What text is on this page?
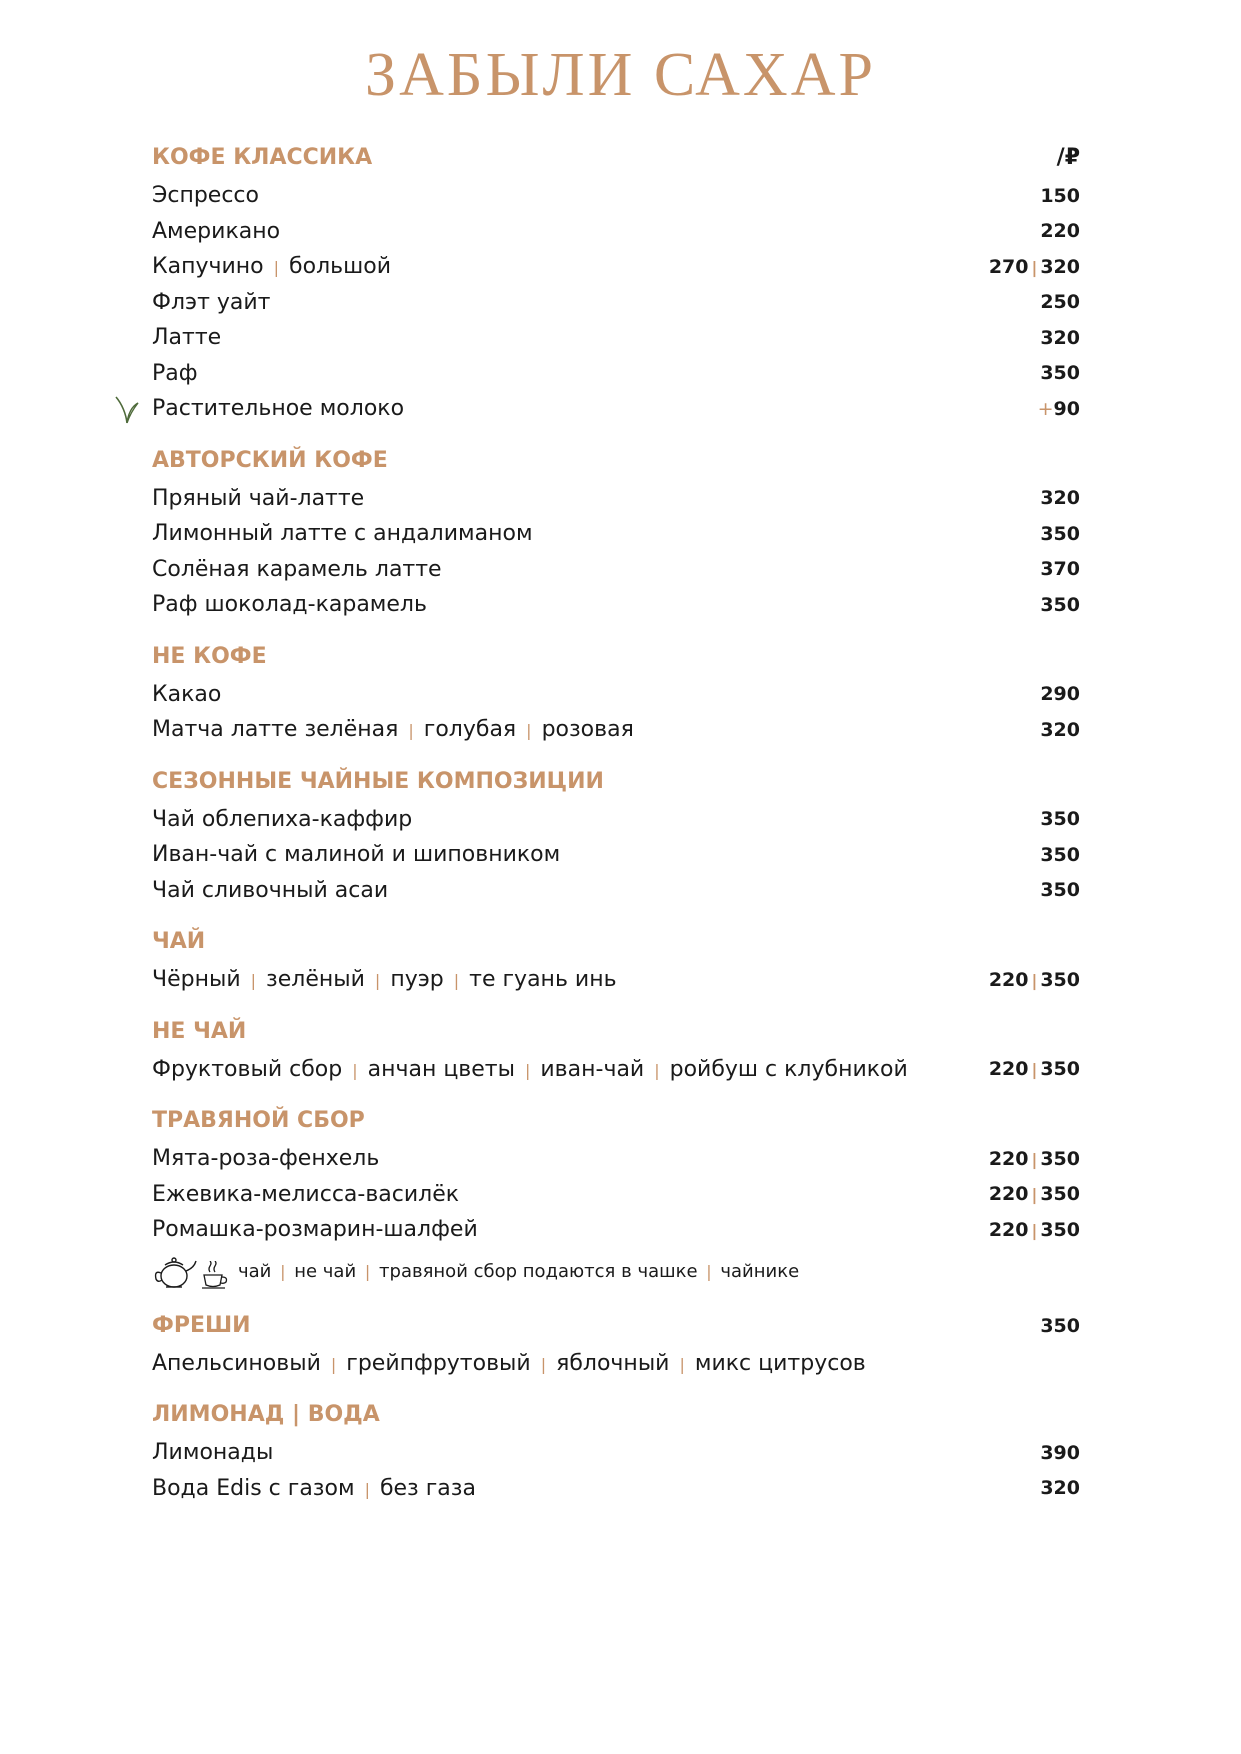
ЗАБЫЛИ САХАР
КОФЕ КЛАССИКА	/₽
Эспрессо	150
Американо	220
Капучино | большой	270 | 320
Флэт уайт	250
Латте	320
Раф	350
Растительное молоко	+90
АВТОРСКИЙ КОФЕ
Пряный чай-латте	320
Лимонный латте с андалиманом	350
Солёная карамель латте	370
Раф шоколад-карамель	350
НЕ КОФЕ
Какао	290
Матча латте зелёная | голубая | розовая	320
СЕЗОННЫЕ ЧАЙНЫЕ КОМПОЗИЦИИ
Чай облепиха-каффир	350
Иван-чай с малиной и шиповником	350
Чай сливочный асаи	350
ЧАЙ
Чёрный | зелёный | пуэр | те гуань инь	220 | 350
НЕ ЧАЙ
Фруктовый сбор | анчан цветы | иван-чай | ройбуш с клубникой	220 | 350
ТРАВЯНОЙ СБОР
Мята-роза-фенхель	220 | 350
Ежевика-мелисса-василёк	220 | 350
Ромашка-розмарин-шалфей	220 | 350
чай | не чай | травяной сбор подаются в чашке | чайнике
ФРЕШИ	350
Апельсиновый | грейпфрутовый | яблочный | микс цитрусов
ЛИМОНАД | ВОДА
Лимонады	390
Вода Edis с газом | без газа	320
